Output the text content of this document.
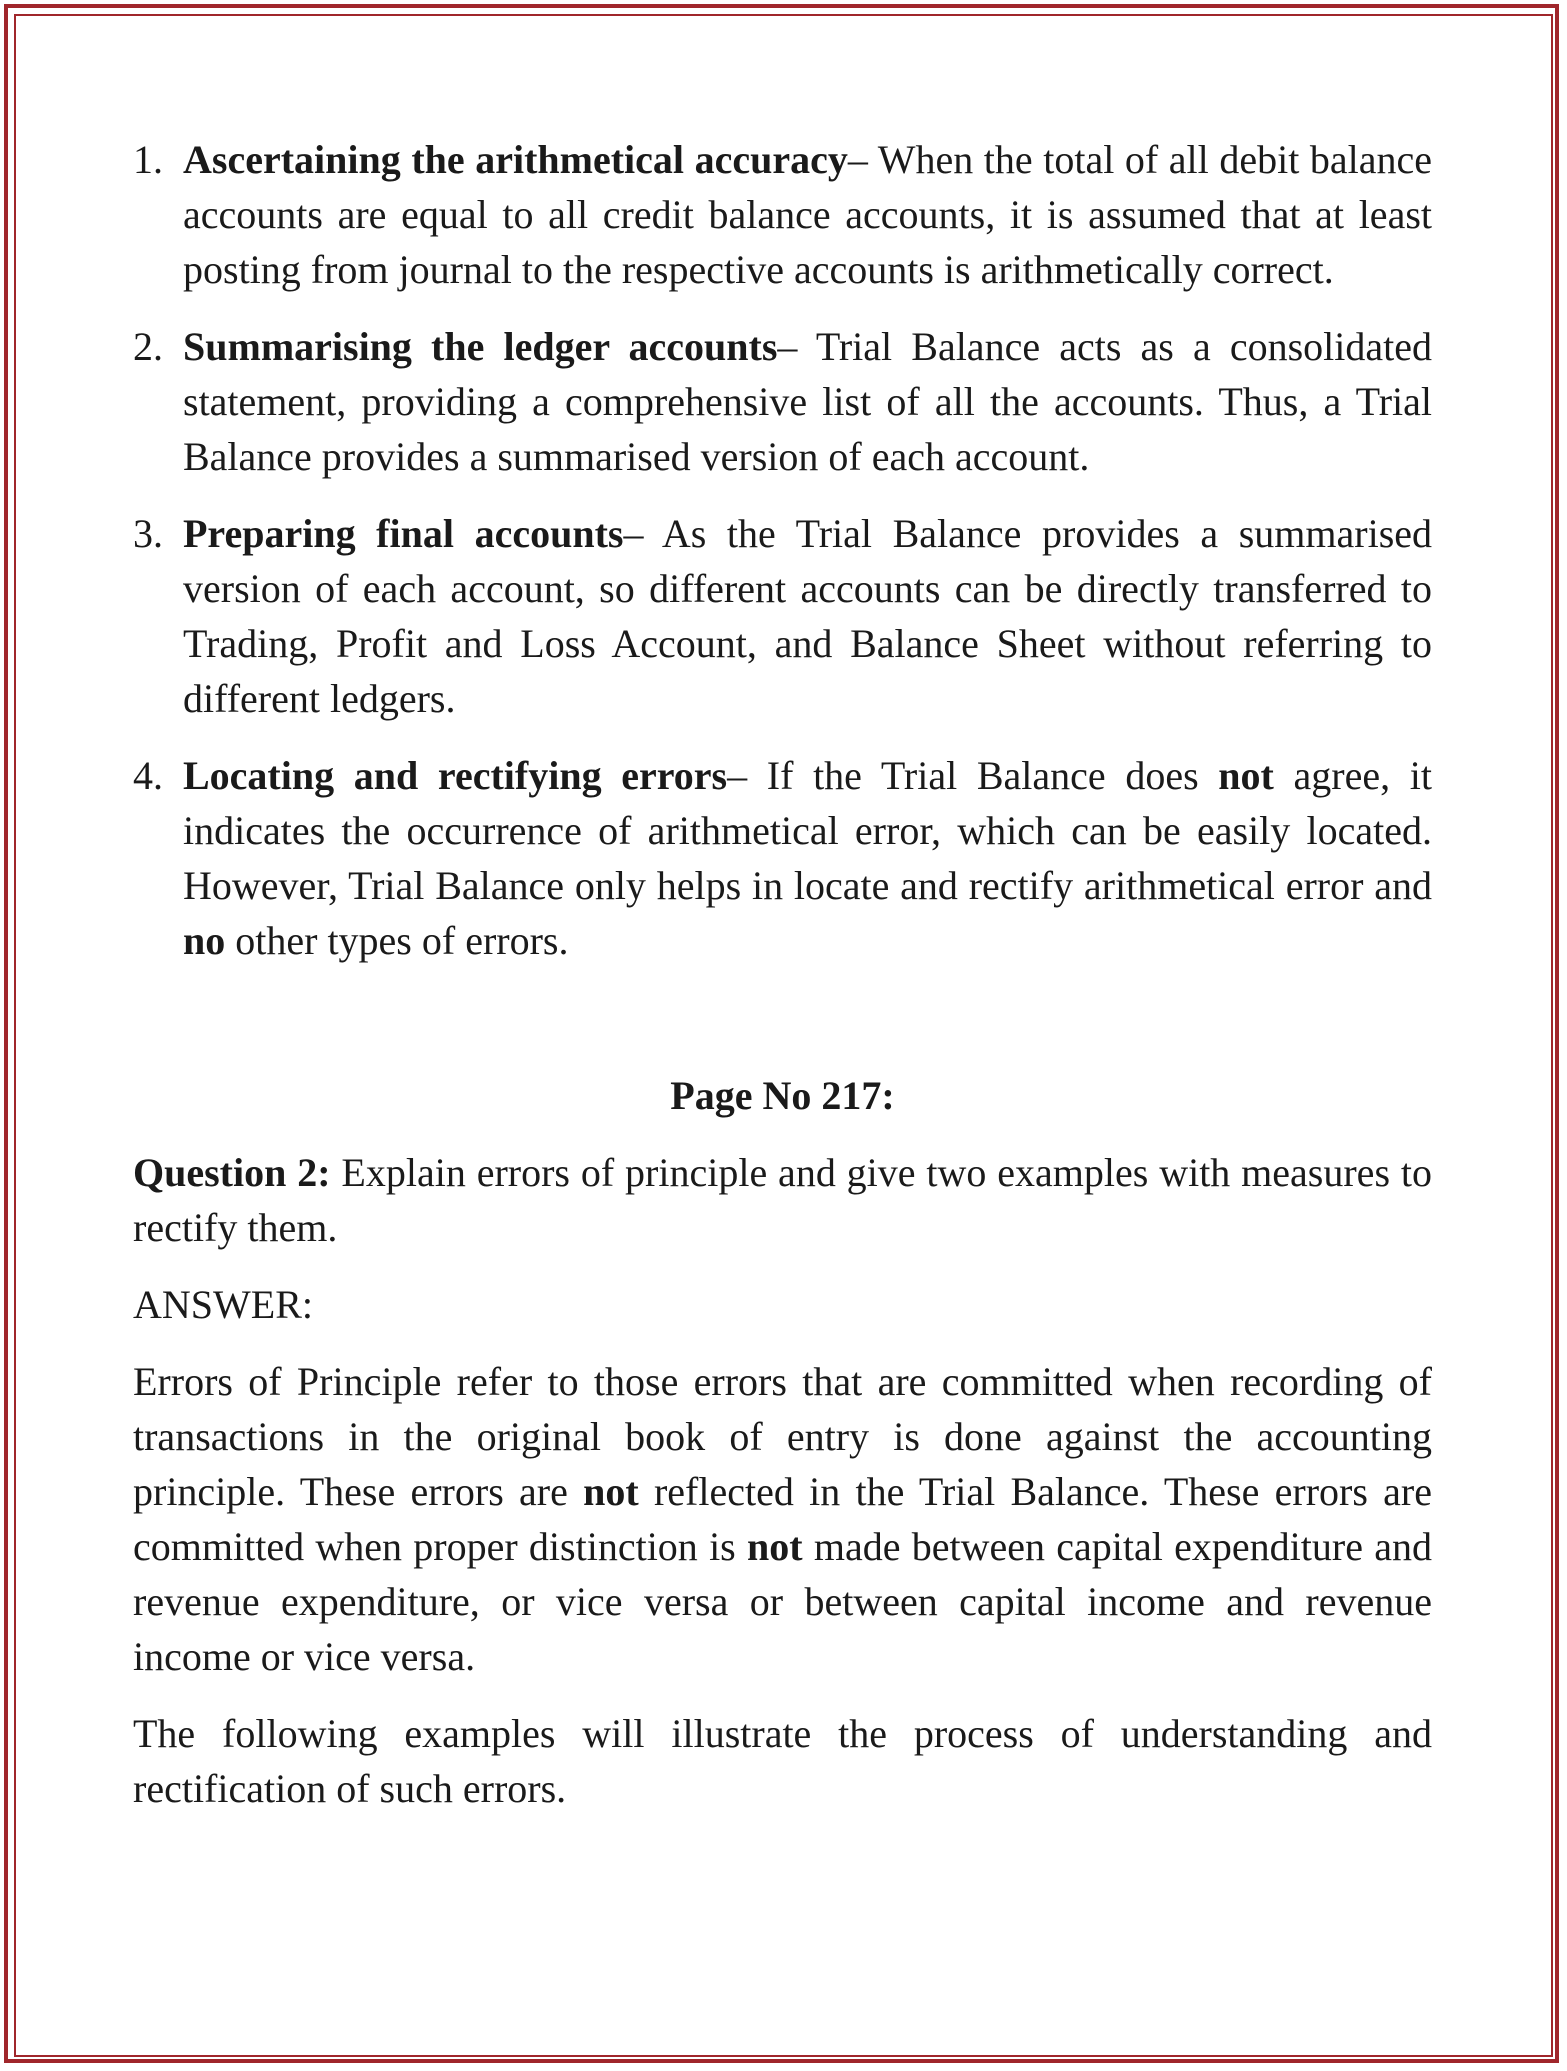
1. Ascertaining the arithmetical accuracy– When the total of all debit balance accounts are equal to all credit balance accounts, it is assumed that at least posting from journal to the respective accounts is arithmetically correct.
2. Summarising the ledger accounts– Trial Balance acts as a consolidated statement, providing a comprehensive list of all the accounts. Thus, a Trial Balance provides a summarised version of each account.
3. Preparing final accounts– As the Trial Balance provides a summarised version of each account, so different accounts can be directly transferred to Trading, Profit and Loss Account, and Balance Sheet without referring to different ledgers.
4. Locating and rectifying errors– If the Trial Balance does not agree, it indicates the occurrence of arithmetical error, which can be easily located. However, Trial Balance only helps in locate and rectify arithmetical error and no other types of errors.
Page No 217:

Question 2: Explain errors of principle and give two examples with measures to rectify them.

ANSWER:

Errors of Principle refer to those errors that are committed when recording of transactions in the original book of entry is done against the accounting principle. These errors are not reflected in the Trial Balance. These errors are committed when proper distinction is not made between capital expenditure and revenue expenditure, or vice versa or between capital income and revenue income or vice versa.

The following examples will illustrate the process of understanding and rectification of such errors.
